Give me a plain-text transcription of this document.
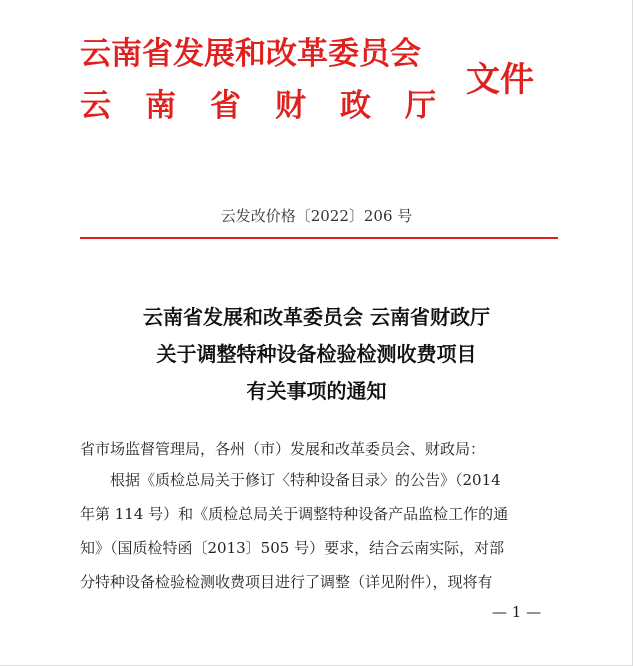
云南省发展和改革委员会
云南省财政厅
文件
云发改价格〔2022〕206 号
云南省发展和改革委员会 云南省财政厅
关于调整特种设备检验检测收费项目
有关事项的通知
省市场监督管理局，各州（市）发展和改革委员会、财政局：
根据《质检总局关于修订〈特种设备目录〉的公告》（2014
年第 114 号）和《质检总局关于调整特种设备产品监检工作的通
知》（国质检特函〔2013〕505 号）要求，结合云南实际，对部
分特种设备检验检测收费项目进行了调整（详见附件），现将有
— 1 —
